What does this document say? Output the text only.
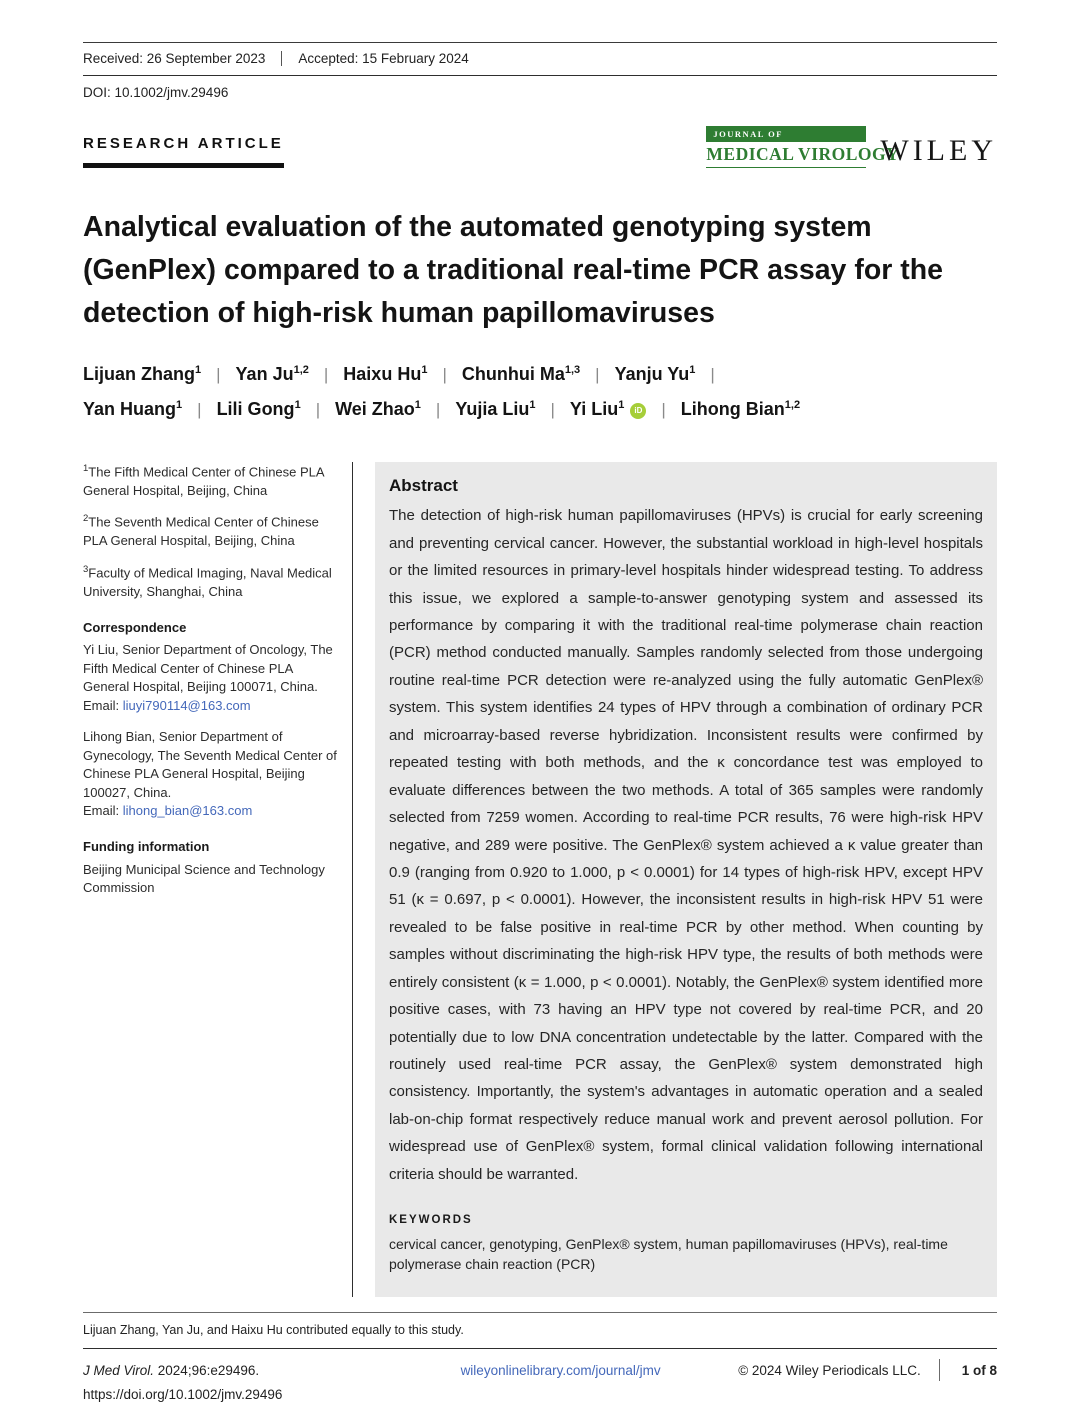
Received: 26 September 2023 Accepted: 15 February 2024
DOI: 10.1002/jmv.29496
RESEARCH ARTICLE
JOURNAL OF
MEDICAL VIROLOGY
WILEY
Analytical evaluation of the automated genotyping system (GenPlex) compared to a traditional real-time PCR assay for the detection of high-risk human papillomaviruses
Lijuan Zhang$^1$ | Yan Ju$^{1,2}$ | Haixu Hu$^1$ | Chunhui Ma$^{1,3}$ | Yanju Yu$^1$ |
Yan Huang$^1$ | Lili Gong$^1$ | Wei Zhao$^1$ | Yujia Liu$^1$ | Yi Liu$^1$ iD | Lihong Bian$^{1,2}$
$^1$The Fifth Medical Center of Chinese PLA General Hospital, Beijing, China
$^2$The Seventh Medical Center of Chinese PLA General Hospital, Beijing, China
$^3$Faculty of Medical Imaging, Naval Medical University, Shanghai, China
Correspondence
Yi Liu, Senior Department of Oncology, The Fifth Medical Center of Chinese PLA General Hospital, Beijing 100071, China.
Email: liuyi790114@163.com
Lihong Bian, Senior Department of Gynecology, The Seventh Medical Center of Chinese PLA General Hospital, Beijing 100027, China.
Email: lihong_bian@163.com
Funding information
Beijing Municipal Science and Technology Commission
Abstract
The detection of high-risk human papillomaviruses (HPVs) is crucial for early screening and preventing cervical cancer. However, the substantial workload in high-level hospitals or the limited resources in primary-level hospitals hinder widespread testing. To address this issue, we explored a sample-to-answer genotyping system and assessed its performance by comparing it with the traditional real-time polymerase chain reaction (PCR) method conducted manually. Samples randomly selected from those undergoing routine real-time PCR detection were re-analyzed using the fully automatic GenPlex® system. This system identifies 24 types of HPV through a combination of ordinary PCR and microarray-based reverse hybridization. Inconsistent results were confirmed by repeated testing with both methods, and the κ concordance test was employed to evaluate differences between the two methods. A total of 365 samples were randomly selected from 7259 women. According to real-time PCR results, 76 were high-risk HPV negative, and 289 were positive. The GenPlex® system achieved a κ value greater than 0.9 (ranging from 0.920 to 1.000, p < 0.0001) for 14 types of high-risk HPV, except HPV 51 (κ = 0.697, p < 0.0001). However, the inconsistent results in high-risk HPV 51 were revealed to be false positive in real-time PCR by other method. When counting by samples without discriminating the high-risk HPV type, the results of both methods were entirely consistent (κ = 1.000, p < 0.0001). Notably, the GenPlex® system identified more positive cases, with 73 having an HPV type not covered by real-time PCR, and 20 potentially due to low DNA concentration undetectable by the latter. Compared with the routinely used real-time PCR assay, the GenPlex® system demonstrated high consistency. Importantly, the system's advantages in automatic operation and a sealed lab-on-chip format respectively reduce manual work and prevent aerosol pollution. For widespread use of GenPlex® system, formal clinical validation following international criteria should be warranted.
KEYWORDS
cervical cancer, genotyping, GenPlex® system, human papillomaviruses (HPVs), real-time polymerase chain reaction (PCR)
Lijuan Zhang, Yan Ju, and Haixu Hu contributed equally to this study.
J Med Virol. 2024;96:e29496.	wileyonlinelibrary.com/journal/jmv	© 2024 Wiley Periodicals LLC.	1 of 8
https://doi.org/10.1002/jmv.29496
